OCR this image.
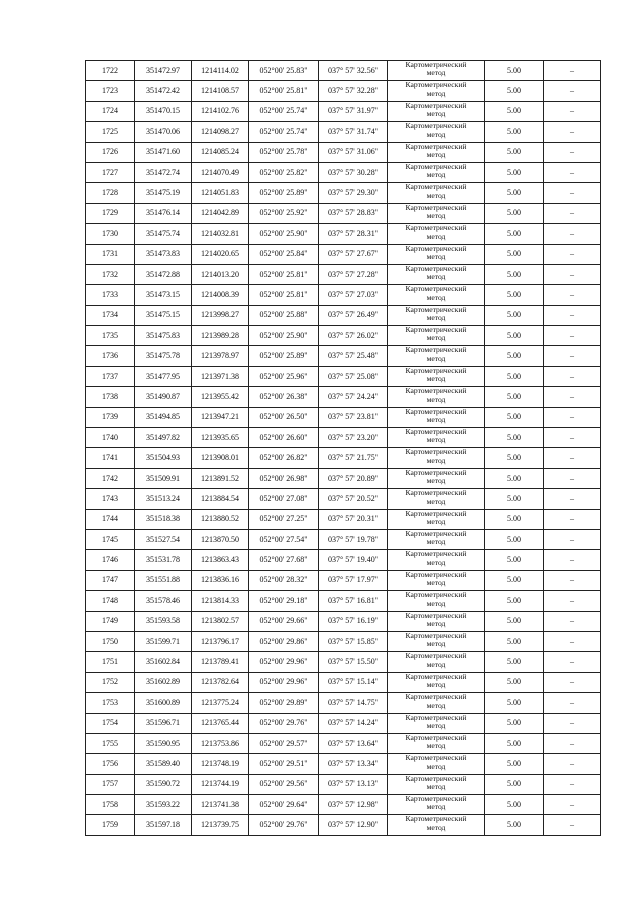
1722	351472.97	1214114.02	052°00' 25.83"	037° 57' 32.56"	Картометрический
метод	5.00	–
1723	351472.42	1214108.57	052°00' 25.81"	037° 57' 32.28"	Картометрический
метод	5.00	–
1724	351470.15	1214102.76	052°00' 25.74"	037° 57' 31.97"	Картометрический
метод	5.00	–
1725	351470.06	1214098.27	052°00' 25.74"	037° 57' 31.74"	Картометрический
метод	5.00	–
1726	351471.60	1214085.24	052°00' 25.78"	037° 57' 31.06"	Картометрический
метод	5.00	–
1727	351472.74	1214070.49	052°00' 25.82"	037° 57' 30.28"	Картометрический
метод	5.00	–
1728	351475.19	1214051.83	052°00' 25.89"	037° 57' 29.30"	Картометрический
метод	5.00	–
1729	351476.14	1214042.89	052°00' 25.92"	037° 57' 28.83"	Картометрический
метод	5.00	–
1730	351475.74	1214032.81	052°00' 25.90"	037° 57' 28.31"	Картометрический
метод	5.00	–
1731	351473.83	1214020.65	052°00' 25.84"	037° 57' 27.67"	Картометрический
метод	5.00	–
1732	351472.88	1214013.20	052°00' 25.81"	037° 57' 27.28"	Картометрический
метод	5.00	–
1733	351473.15	1214008.39	052°00' 25.81"	037° 57' 27.03"	Картометрический
метод	5.00	–
1734	351475.15	1213998.27	052°00' 25.88"	037° 57' 26.49"	Картометрический
метод	5.00	–
1735	351475.83	1213989.28	052°00' 25.90"	037° 57' 26.02"	Картометрический
метод	5.00	–
1736	351475.78	1213978.97	052°00' 25.89"	037° 57' 25.48"	Картометрический
метод	5.00	–
1737	351477.95	1213971.38	052°00' 25.96"	037° 57' 25.08"	Картометрический
метод	5.00	–
1738	351490.87	1213955.42	052°00' 26.38"	037° 57' 24.24"	Картометрический
метод	5.00	–
1739	351494.85	1213947.21	052°00' 26.50"	037° 57' 23.81"	Картометрический
метод	5.00	–
1740	351497.82	1213935.65	052°00' 26.60"	037° 57' 23.20"	Картометрический
метод	5.00	–
1741	351504.93	1213908.01	052°00' 26.82"	037° 57' 21.75"	Картометрический
метод	5.00	–
1742	351509.91	1213891.52	052°00' 26.98"	037° 57' 20.89"	Картометрический
метод	5.00	–
1743	351513.24	1213884.54	052°00' 27.08"	037° 57' 20.52"	Картометрический
метод	5.00	–
1744	351518.38	1213880.52	052°00' 27.25"	037° 57' 20.31"	Картометрический
метод	5.00	–
1745	351527.54	1213870.50	052°00' 27.54"	037° 57' 19.78"	Картометрический
метод	5.00	–
1746	351531.78	1213863.43	052°00' 27.68"	037° 57' 19.40"	Картометрический
метод	5.00	–
1747	351551.88	1213836.16	052°00' 28.32"	037° 57' 17.97"	Картометрический
метод	5.00	–
1748	351578.46	1213814.33	052°00' 29.18"	037° 57' 16.81"	Картометрический
метод	5.00	–
1749	351593.58	1213802.57	052°00' 29.66"	037° 57' 16.19"	Картометрический
метод	5.00	–
1750	351599.71	1213796.17	052°00' 29.86"	037° 57' 15.85"	Картометрический
метод	5.00	–
1751	351602.84	1213789.41	052°00' 29.96"	037° 57' 15.50"	Картометрический
метод	5.00	–
1752	351602.89	1213782.64	052°00' 29.96"	037° 57' 15.14"	Картометрический
метод	5.00	–
1753	351600.89	1213775.24	052°00' 29.89"	037° 57' 14.75"	Картометрический
метод	5.00	–
1754	351596.71	1213765.44	052°00' 29.76"	037° 57' 14.24"	Картометрический
метод	5.00	–
1755	351590.95	1213753.86	052°00' 29.57"	037° 57' 13.64"	Картометрический
метод	5.00	–
1756	351589.40	1213748.19	052°00' 29.51"	037° 57' 13.34"	Картометрический
метод	5.00	–
1757	351590.72	1213744.19	052°00' 29.56"	037° 57' 13.13"	Картометрический
метод	5.00	–
1758	351593.22	1213741.38	052°00' 29.64"	037° 57' 12.98"	Картометрический
метод	5.00	–
1759	351597.18	1213739.75	052°00' 29.76"	037° 57' 12.90"	Картометрический
метод	5.00	–
